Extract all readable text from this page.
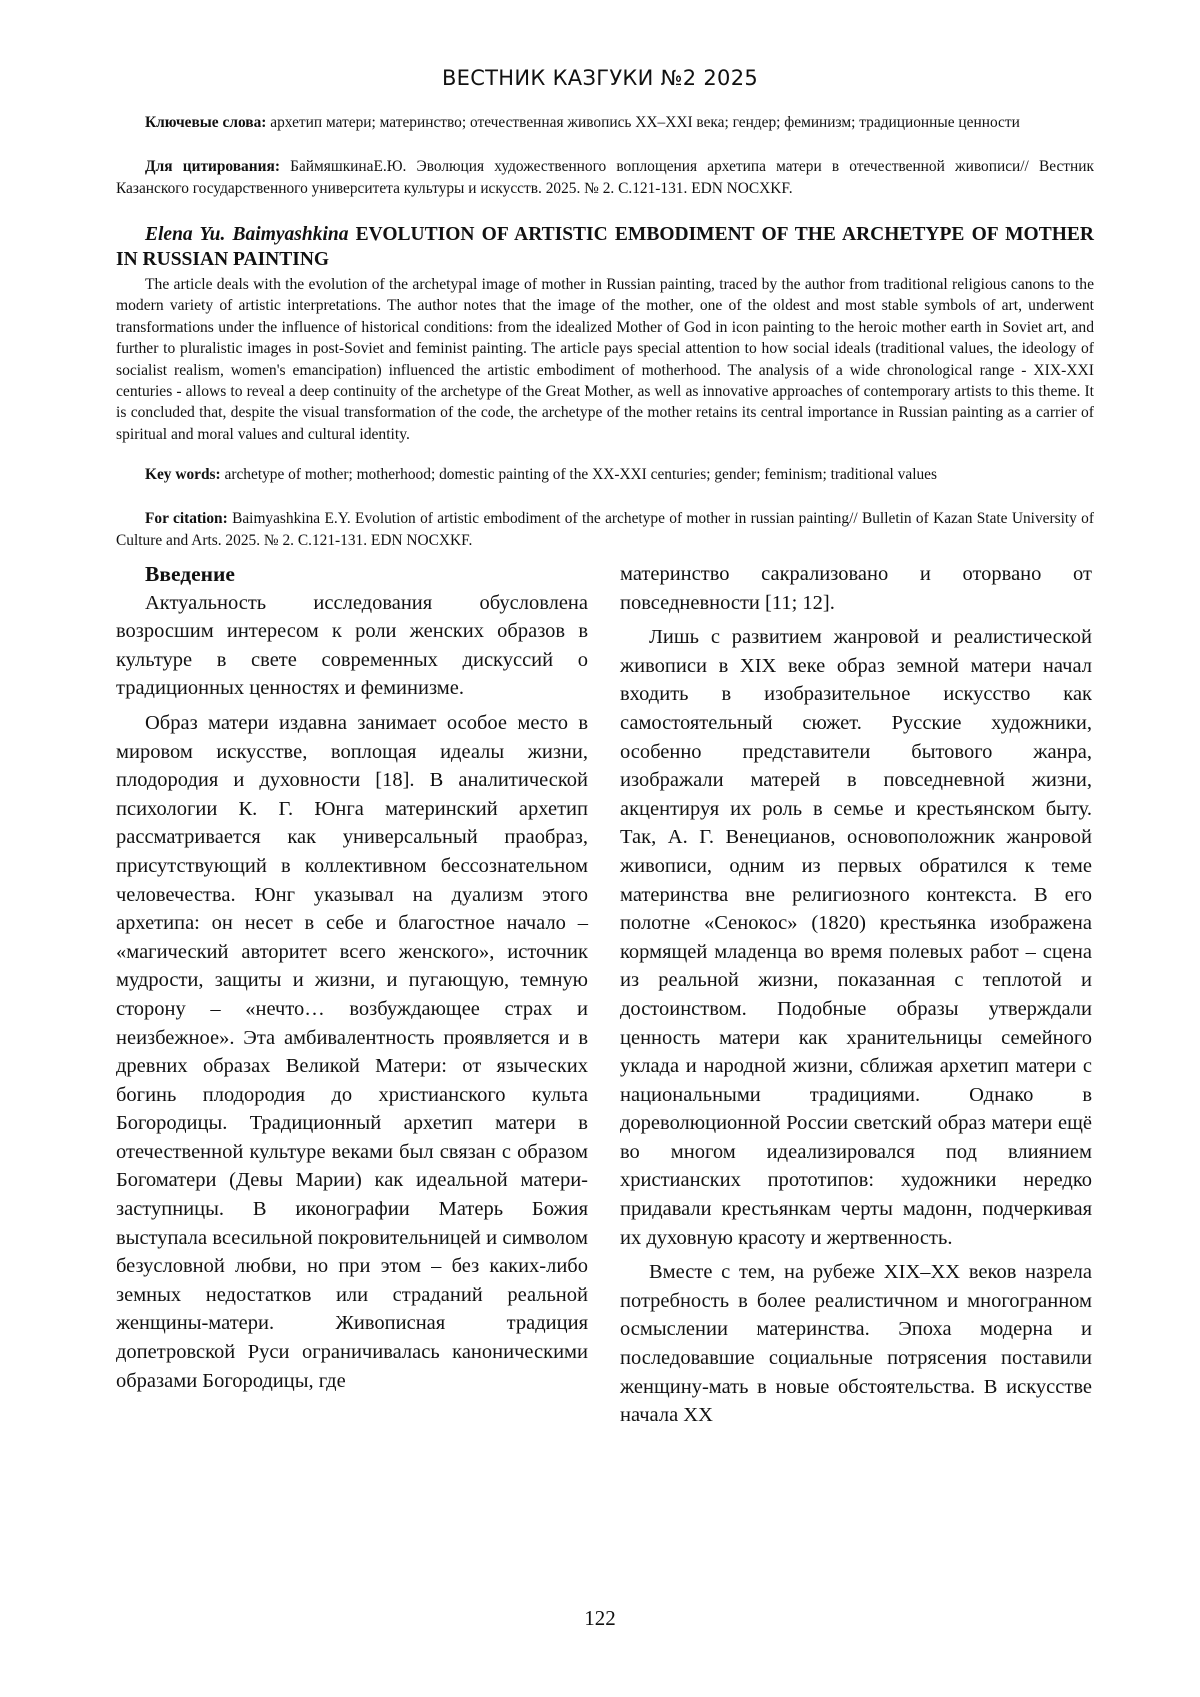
ВЕСТНИК КАЗГУКИ №2 2025
Ключевые слова: архетип матери; материнство; отечественная живопись XX–XXI века; гендер; феминизм; традиционные ценности
Для цитирования: БаймяшкинаЕ.Ю. Эволюция художественного воплощения архетипа матери в отечественной живописи// Вестник Казанского государственного университета культуры и искусств. 2025. № 2. С.121-131. EDN NOCXKF.
Elena Yu. Baimyashkina EVOLUTION OF ARTISTIC EMBODIMENT OF THE ARCHETYPE OF MOTHER IN RUSSIAN PAINTING
The article deals with the evolution of the archetypal image of mother in Russian painting, traced by the author from traditional religious canons to the modern variety of artistic interpretations. The author notes that the image of the mother, one of the oldest and most stable symbols of art, underwent transformations under the influence of historical conditions: from the idealized Mother of God in icon painting to the heroic mother earth in Soviet art, and further to pluralistic images in post-Soviet and feminist painting. The article pays special attention to how social ideals (traditional values, the ideology of socialist realism, women's emancipation) influenced the artistic embodiment of motherhood. The analysis of a wide chronological range - XIX-XXI centuries - allows to reveal a deep continuity of the archetype of the Great Mother, as well as innovative approaches of contemporary artists to this theme. It is concluded that, despite the visual transformation of the code, the archetype of the mother retains its central importance in Russian painting as a carrier of spiritual and moral values and cultural identity.
Key words: archetype of mother; motherhood; domestic painting of the XX-XXI centuries; gender; feminism; traditional values
For citation: Baimyashkina E.Y. Evolution of artistic embodiment of the archetype of mother in russian painting// Bulletin of Kazan State University of Culture and Arts. 2025. № 2. С.121-131. EDN NOCXKF.
Введение

Актуальность исследования обусловлена возросшим интересом к роли женских образов в культуре в свете современных дискуссий о традиционных ценностях и феминизме.

Образ матери издавна занимает особое место в мировом искусстве, воплощая идеалы жизни, плодородия и духовности [18]. В аналитической психологии К. Г. Юнга материнский архетип рассматривается как универсальный праобраз, присутствующий в коллективном бессознательном человечества. Юнг указывал на дуализм этого архетипа: он несет в себе и благостное начало – «магический авторитет всего женского», источник мудрости, защиты и жизни, и пугающую, темную сторону – «нечто… возбуждающее страх и неизбежное». Эта амбивалентность проявляется и в древних образах Великой Матери: от языческих богинь плодородия до христианского культа Богородицы. Традиционный архетип матери в отечественной культуре веками был связан с образом Богоматери (Девы Марии) как идеальной матери-заступницы. В иконографии Матерь Божия выступала всесильной покровительницей и символом безусловной любви, но при этом – без каких-либо земных недостатков или страданий реальной женщины-матери. Живописная традиция допетровской Руси ограничивалась каноническими образами Богородицы, где

материнство сакрализовано и оторвано от повседневности [11; 12].

Лишь с развитием жанровой и реалистической живописи в XIX веке образ земной матери начал входить в изобразительное искусство как самостоятельный сюжет. Русские художники, особенно представители бытового жанра, изображали матерей в повседневной жизни, акцентируя их роль в семье и крестьянском быту. Так, А. Г. Венецианов, основоположник жанровой живописи, одним из первых обратился к теме материнства вне религиозного контекста. В его полотне «Сенокос» (1820) крестьянка изображена кормящей младенца во время полевых работ – сцена из реальной жизни, показанная с теплотой и достоинством. Подобные образы утверждали ценность матери как хранительницы семейного уклада и народной жизни, сближая архетип матери с национальными традициями. Однако в дореволюционной России светский образ матери ещё во многом идеализировался под влиянием христианских прототипов: художники нередко придавали крестьянкам черты мадонн, подчеркивая их духовную красоту и жертвенность.

Вместе с тем, на рубеже XIX–XX веков назрела потребность в более реалистичном и многогранном осмыслении материнства. Эпоха модерна и последовавшие социальные потрясения поставили женщину-мать в новые обстоятельства. В искусстве начала XX

122
